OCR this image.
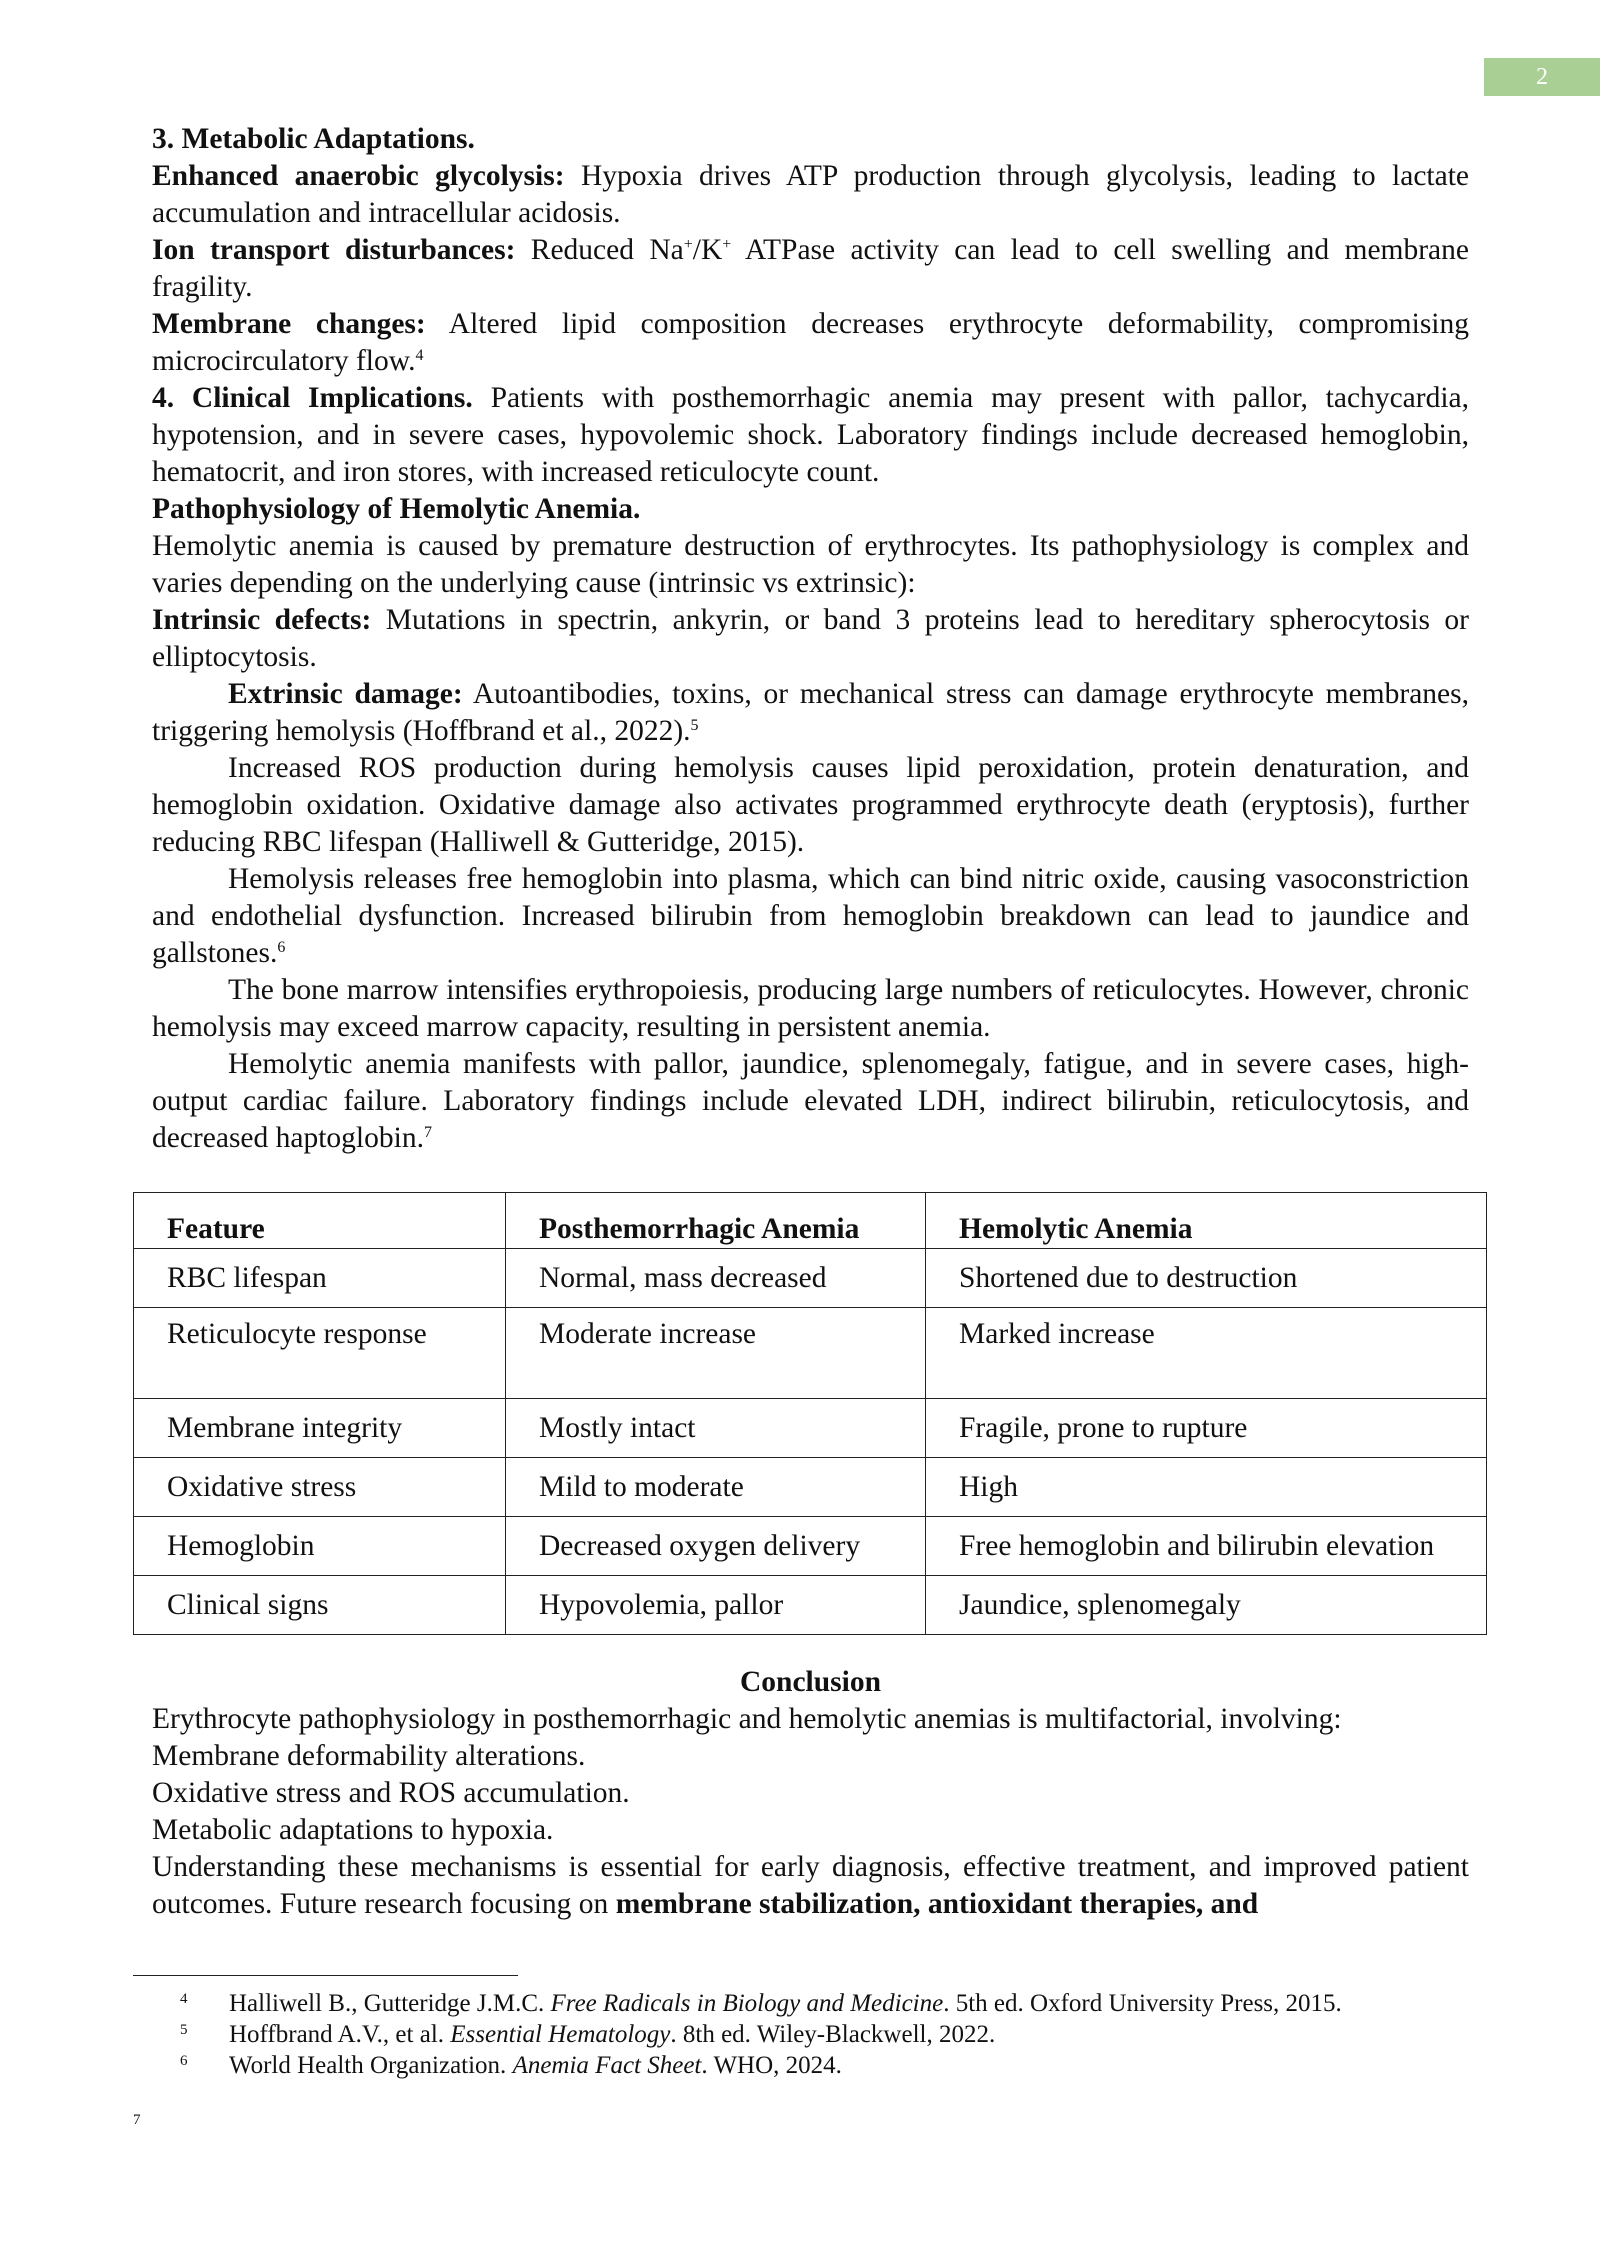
2

3. Metabolic Adaptations.

Enhanced anaerobic glycolysis: Hypoxia drives ATP production through glycolysis, leading to lactate accumulation and intracellular acidosis.

Ion transport disturbances: Reduced Na+/K+ ATPase activity can lead to cell swelling and membrane fragility.

Membrane changes: Altered lipid composition decreases erythrocyte deformability, compromising microcirculatory flow.$^4$

4. Clinical Implications. Patients with posthemorrhagic anemia may present with pallor, tachycardia, hypotension, and in severe cases, hypovolemic shock. Laboratory findings include decreased hemoglobin, hematocrit, and iron stores, with increased reticulocyte count.

Pathophysiology of Hemolytic Anemia.

Hemolytic anemia is caused by premature destruction of erythrocytes. Its pathophysiology is complex and varies depending on the underlying cause (intrinsic vs extrinsic):

Intrinsic defects: Mutations in spectrin, ankyrin, or band 3 proteins lead to hereditary spherocytosis or elliptocytosis.

Extrinsic damage: Autoantibodies, toxins, or mechanical stress can damage erythrocyte membranes, triggering hemolysis (Hoffbrand et al., 2022).$^5$

Increased ROS production during hemolysis causes lipid peroxidation, protein denaturation, and hemoglobin oxidation. Oxidative damage also activates programmed erythrocyte death (eryptosis), further reducing RBC lifespan (Halliwell & Gutteridge, 2015).

Hemolysis releases free hemoglobin into plasma, which can bind nitric oxide, causing vasoconstriction and endothelial dysfunction. Increased bilirubin from hemoglobin breakdown can lead to jaundice and gallstones.$^6$

The bone marrow intensifies erythropoiesis, producing large numbers of reticulocytes. However, chronic hemolysis may exceed marrow capacity, resulting in persistent anemia.

Hemolytic anemia manifests with pallor, jaundice, splenomegaly, fatigue, and in severe cases, high-output cardiac failure. Laboratory findings include elevated LDH, indirect bilirubin, reticulocytosis, and decreased haptoglobin.$^7$

Feature	Posthemorrhagic Anemia	Hemolytic Anemia
RBC lifespan	Normal, mass decreased	Shortened due to destruction

Reticulocyte response	Moderate increase	Marked increase

Membrane integrity	Mostly intact	Fragile, prone to rupture
Oxidative stress	Mild to moderate	High
Hemoglobin	Decreased oxygen delivery	Free hemoglobin and bilirubin elevation
Clinical signs	Hypovolemia, pallor	Jaundice, splenomegaly
Conclusion

Erythrocyte pathophysiology in posthemorrhagic and hemolytic anemias is multifactorial, involving:

Membrane deformability alterations.

Oxidative stress and ROS accumulation.

Metabolic adaptations to hypoxia.

Understanding these mechanisms is essential for early diagnosis, effective treatment, and improved patient outcomes. Future research focusing on membrane stabilization, antioxidant therapies, and

4 Halliwell B., Gutteridge J.M.C. Free Radicals in Biology and Medicine. 5th ed. Oxford University Press, 2015.
5 Hoffbrand A.V., et al. Essential Hematology. 8th ed. Wiley-Blackwell, 2022.
6 World Health Organization. Anemia Fact Sheet. WHO, 2024.
7
